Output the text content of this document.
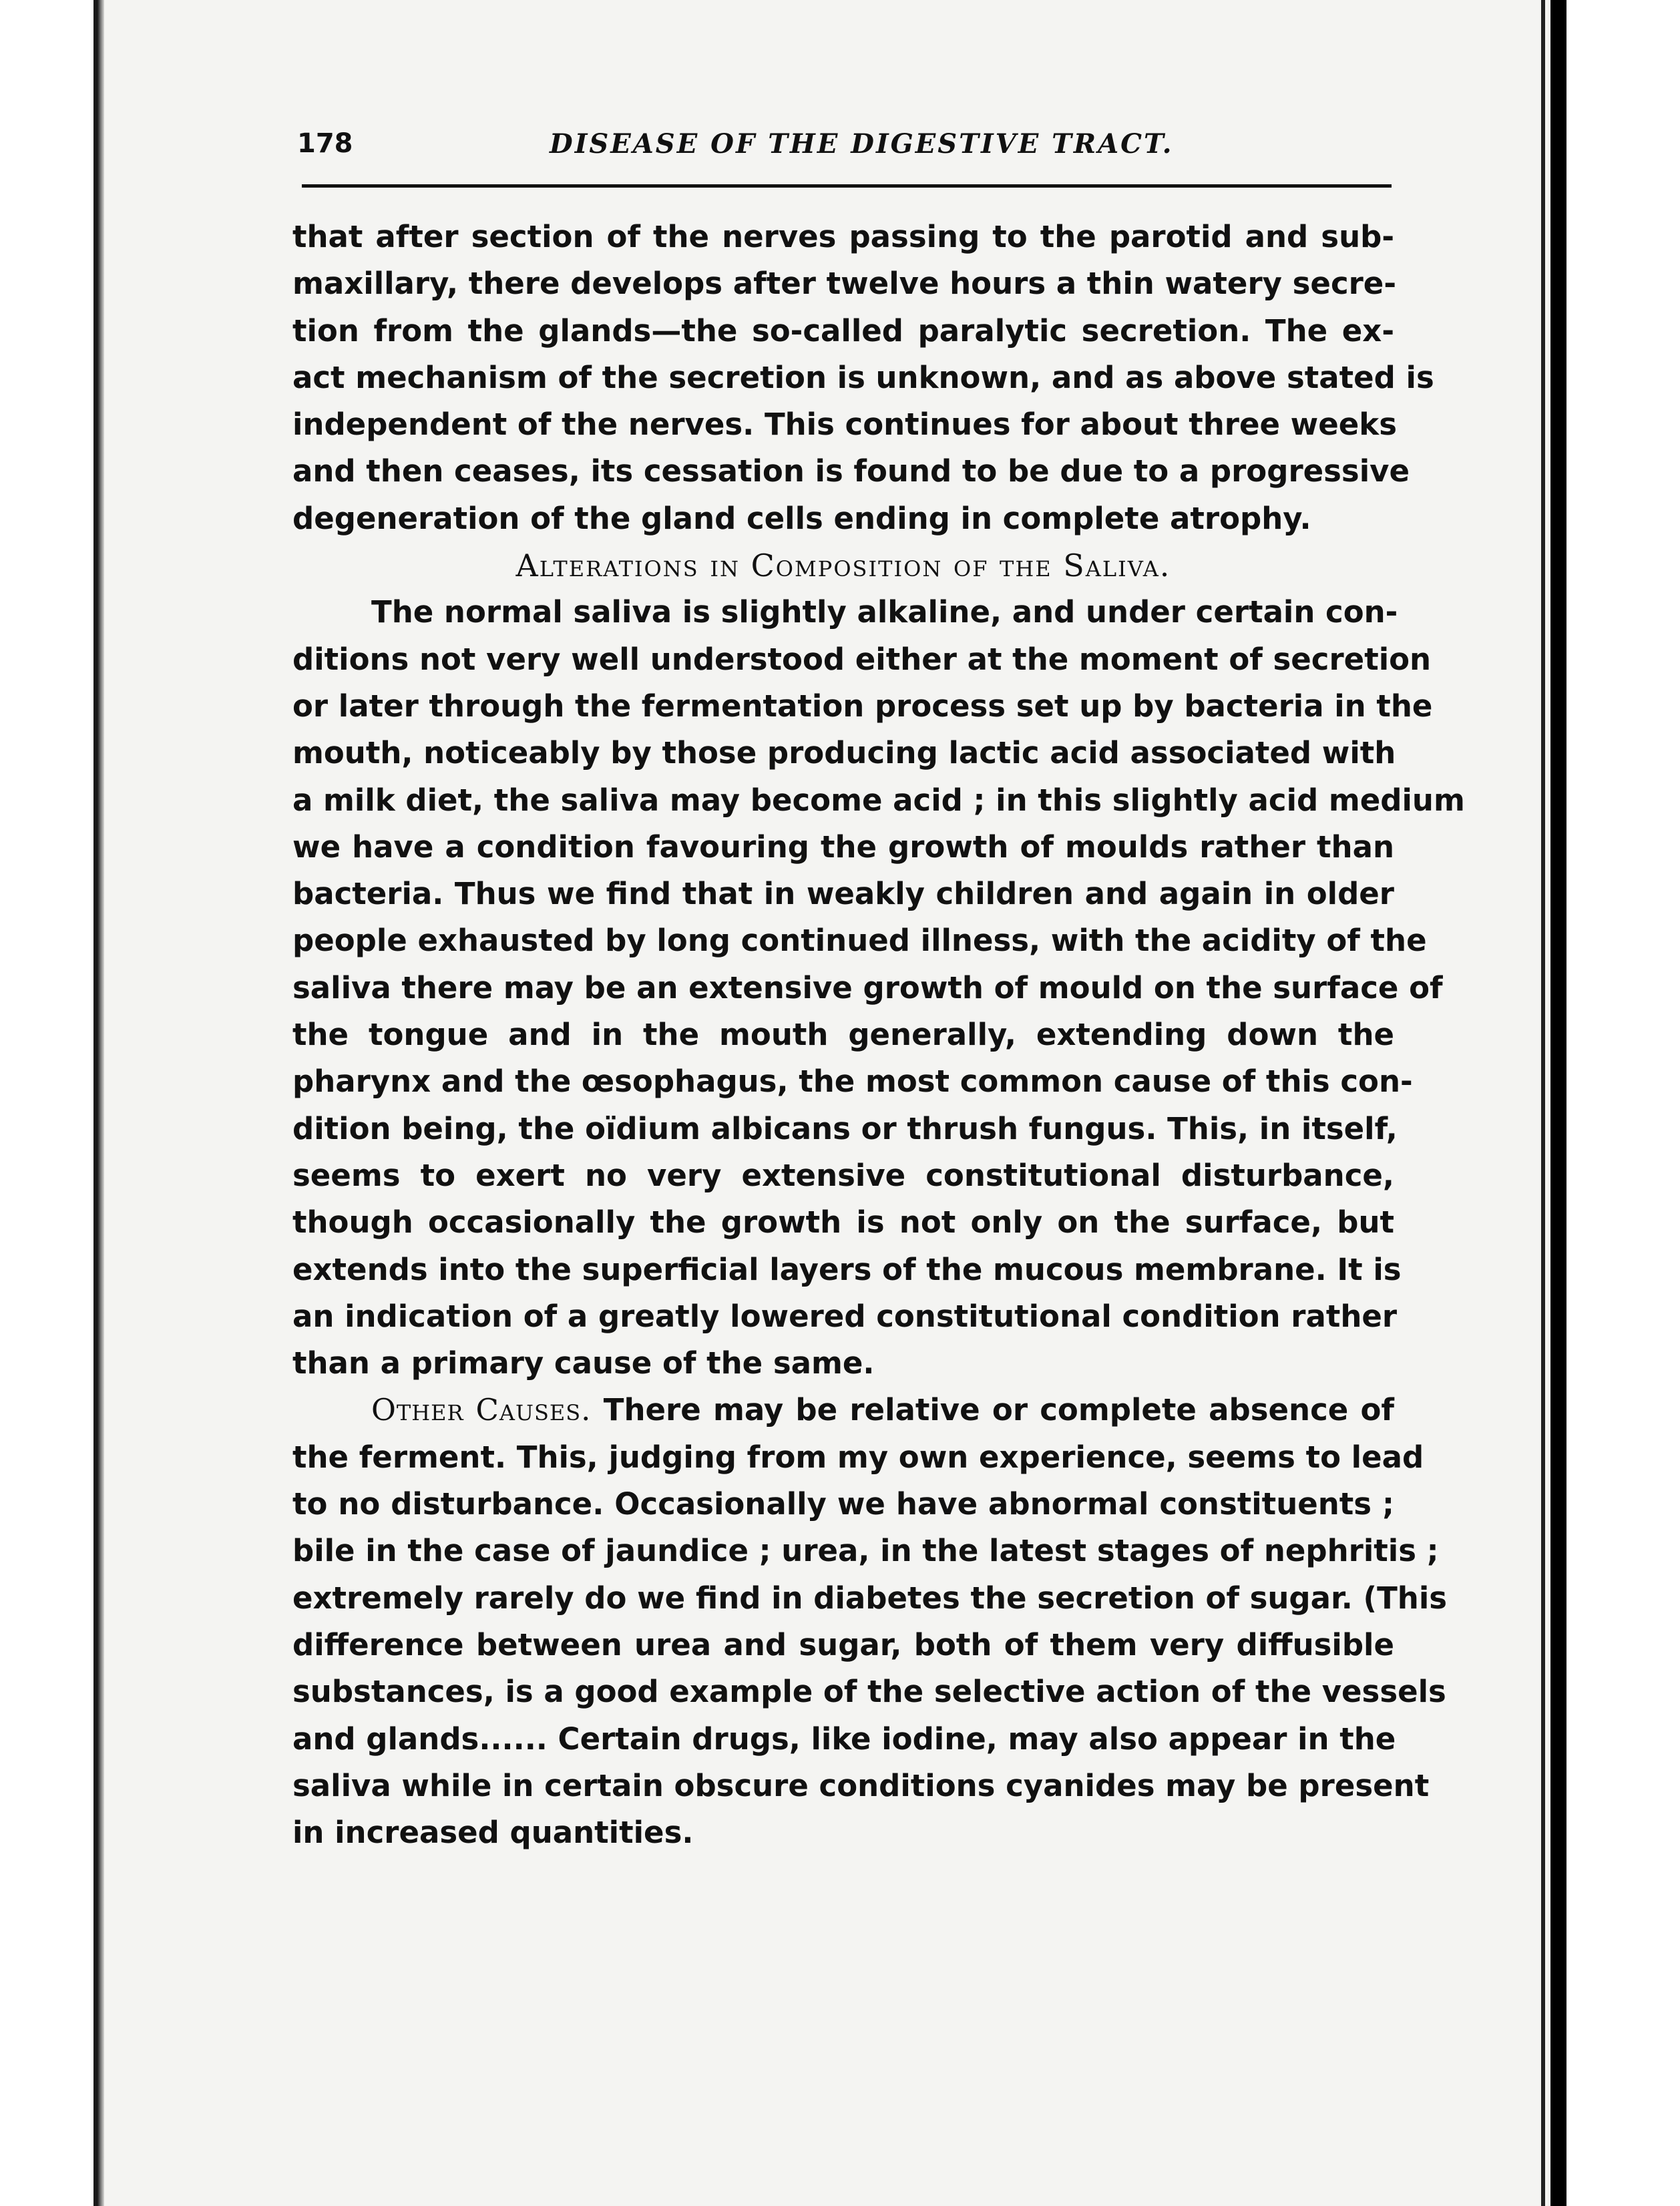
178	DISEASE OF THE DIGESTIVE TRACT.
that after section of the nerves passing to the parotid and sub-
maxillary, there develops after twelve hours a thin watery secre-
tion from the glands—the so-called paralytic secretion. The ex-
act mechanism of the secretion is unknown, and as above stated is
independent of the nerves. This continues for about three weeks
and then ceases, its cessation is found to be due to a progressive
degeneration of the gland cells ending in complete atrophy.
Alterations in Composition of the Saliva.
The normal saliva is slightly alkaline, and under certain con-
ditions not very well understood either at the moment of secretion
or later through the fermentation process set up by bacteria in the
mouth, noticeably by those producing lactic acid associated with
a milk diet, the saliva may become acid ; in this slightly acid medium
we have a condition favouring the growth of moulds rather than
bacteria. Thus we find that in weakly children and again in older
people exhausted by long continued illness, with the acidity of the
saliva there may be an extensive growth of mould on the surface of
the tongue and in the mouth generally, extending down the
pharynx and the œsophagus, the most common cause of this con-
dition being, the oïdium albicans or thrush fungus. This, in itself,
seems to exert no very extensive constitutional disturbance,
though occasionally the growth is not only on the surface, but
extends into the superficial layers of the mucous membrane. It is
an indication of a greatly lowered constitutional condition rather
than a primary cause of the same.
Other Causes. There may be relative or complete absence of
the ferment. This, judging from my own experience, seems to lead
to no disturbance. Occasionally we have abnormal constituents ;
bile in the case of jaundice ; urea, in the latest stages of nephritis ;
extremely rarely do we find in diabetes the secretion of sugar. (This
difference between urea and sugar, both of them very diffusible
substances, is a good example of the selective action of the vessels
and glands...... Certain drugs, like iodine, may also appear in the
saliva while in certain obscure conditions cyanides may be present
in increased quantities.
